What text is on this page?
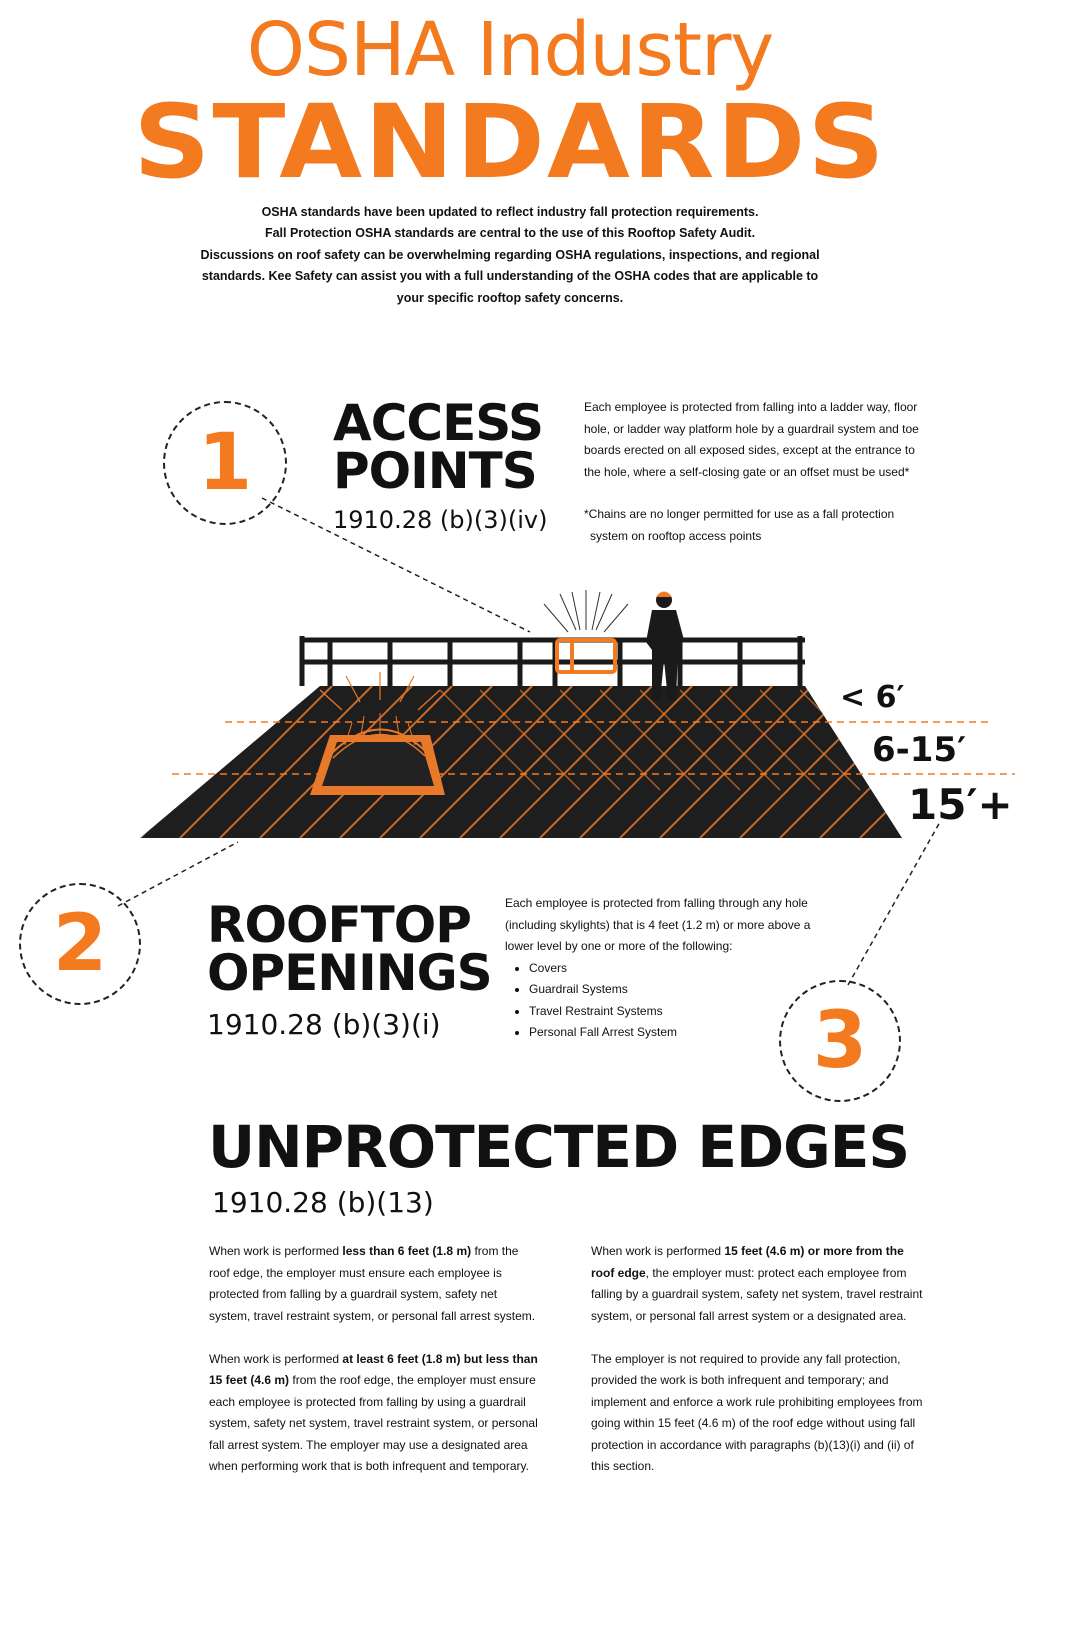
OSHA Industry
STANDARDS

OSHA standards have been updated to reflect industry fall protection requirements.

Fall Protection OSHA standards are central to the use of this Rooftop Safety Audit.

Discussions on roof safety can be overwhelming regarding OSHA regulations, inspections, and regional

standards. Kee Safety can assist you with a full understanding of the OSHA codes that are applicable to

your specific rooftop safety concerns.

1 ACCESS
POINTS
1910.28 (b)(3)(iv)

Each employee is protected from falling into a ladder way, floor

hole, or ladder way platform hole by a guardrail system and toe

boards erected on all exposed sides, except at the entrance to

the hole, where a self-closing gate or an offset must be used*

*Chains are no longer permitted for use as a fall protection

system on rooftop access points

< 6′
6-15′
15′+
2 ROOFTOP
OPENINGS
1910.28 (b)(3)(i)

Each employee is protected from falling through any hole

(including skylights) that is 4 feet (1.2 m) or more above a

lower level by one or more of the following:

• Covers
• Guardrail Systems
• Travel Restraint Systems
• Personal Fall Arrest System	3
UNPROTECTED EDGES
1910.28 (b)(13)

When work is performed less than 6 feet (1.8 m) from the roof edge, the employer must ensure each employee is protected from falling by a guardrail system, safety net system, travel restraint system, or personal fall arrest system.

When work is performed at least 6 feet (1.8 m) but less than 15 feet (4.6 m) from the roof edge, the employer must ensure each employee is protected from falling by using a guardrail system, safety net system, travel restraint system, or personal fall arrest system. The employer may use a designated area when performing work that is both infrequent and temporary.

When work is performed 15 feet (4.6 m) or more from the roof edge, the employer must: protect each employee from falling by a guardrail system, safety net system, travel restraint system, or personal fall arrest system or a designated area.

The employer is not required to provide any fall protection, provided the work is both infrequent and temporary; and implement and enforce a work rule prohibiting employees from going within 15 feet (4.6 m) of the roof edge without using fall protection in accordance with paragraphs (b)(13)(i) and (ii) of this section.
